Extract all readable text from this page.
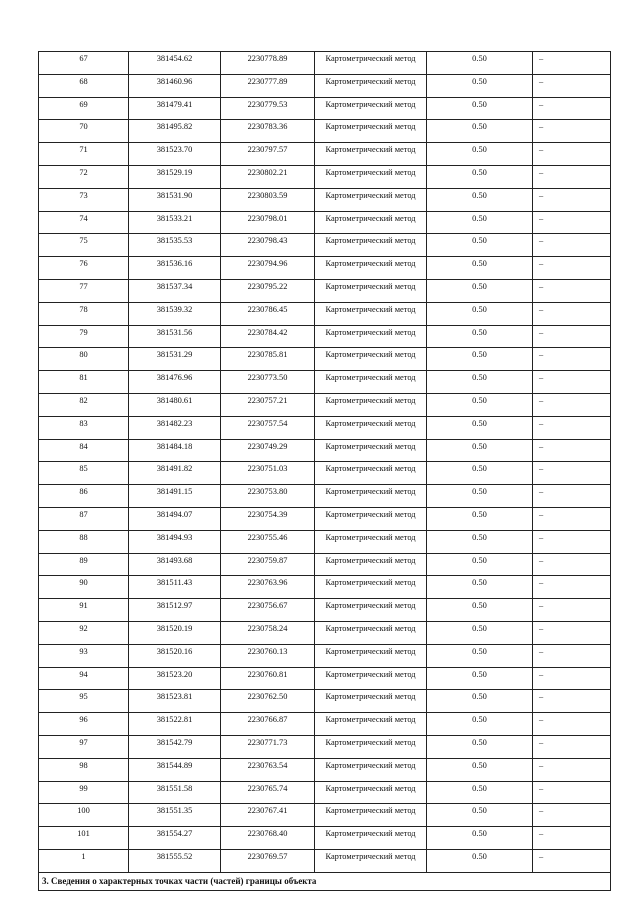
67	381454.62	2230778.89	Картометрический метод	0.50	–

68	381460.96	2230777.89	Картометрический метод	0.50	–

69	381479.41	2230779.53	Картометрический метод	0.50	–

70	381495.82	2230783.36	Картометрический метод	0.50	–

71	381523.70	2230797.57	Картометрический метод	0.50	–

72	381529.19	2230802.21	Картометрический метод	0.50	–

73	381531.90	2230803.59	Картометрический метод	0.50	–

74	381533.21	2230798.01	Картометрический метод	0.50	–

75	381535.53	2230798.43	Картометрический метод	0.50	–

76	381536.16	2230794.96	Картометрический метод	0.50	–

77	381537.34	2230795.22	Картометрический метод	0.50	–

78	381539.32	2230786.45	Картометрический метод	0.50	–

79	381531.56	2230784.42	Картометрический метод	0.50	–

80	381531.29	2230785.81	Картометрический метод	0.50	–

81	381476.96	2230773.50	Картометрический метод	0.50	–

82	381480.61	2230757.21	Картометрический метод	0.50	–

83	381482.23	2230757.54	Картометрический метод	0.50	–

84	381484.18	2230749.29	Картометрический метод	0.50	–

85	381491.82	2230751.03	Картометрический метод	0.50	–

86	381491.15	2230753.80	Картометрический метод	0.50	–

87	381494.07	2230754.39	Картометрический метод	0.50	–

88	381494.93	2230755.46	Картометрический метод	0.50	–

89	381493.68	2230759.87	Картометрический метод	0.50	–

90	381511.43	2230763.96	Картометрический метод	0.50	–

91	381512.97	2230756.67	Картометрический метод	0.50	–

92	381520.19	2230758.24	Картометрический метод	0.50	–

93	381520.16	2230760.13	Картометрический метод	0.50	–

94	381523.20	2230760.81	Картометрический метод	0.50	–

95	381523.81	2230762.50	Картометрический метод	0.50	–

96	381522.81	2230766.87	Картометрический метод	0.50	–

97	381542.79	2230771.73	Картометрический метод	0.50	–

98	381544.89	2230763.54	Картометрический метод	0.50	–

99	381551.58	2230765.74	Картометрический метод	0.50	–

100	381551.35	2230767.41	Картометрический метод	0.50	–

101	381554.27	2230768.40	Картометрический метод	0.50	–

1	381555.52	2230769.57	Картометрический метод	0.50	–

3. Сведения о характерных точках части (частей) границы объекта					
